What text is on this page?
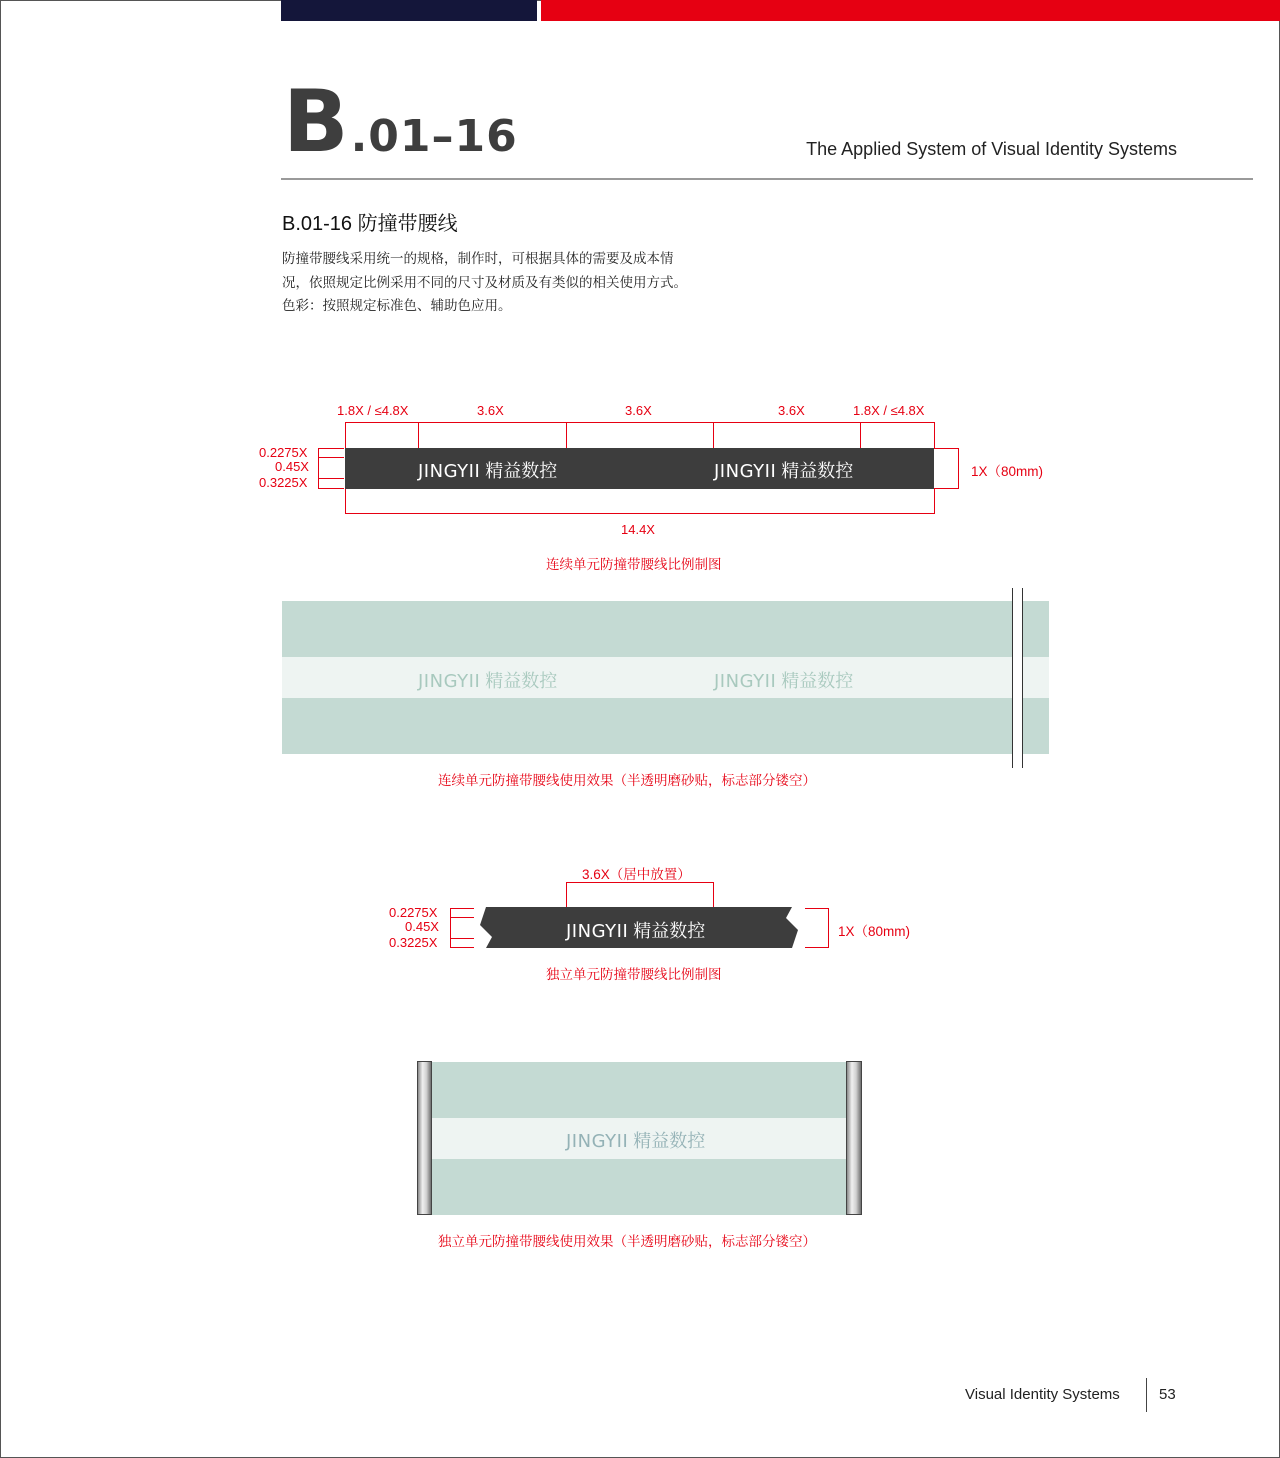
B.01–16	The Applied System of Visual Identity Systems
B.01-16 防撞带腰线
防撞带腰线采用统一的规格，制作时，可根据具体的需要及成本情
况，依照规定比例采用不同的尺寸及材质及有类似的相关使用方式。
色彩：按照规定标准色、辅助色应用。
1.8X / ≤4.8X	3.6X	3.6X	3.6X	1.8X / ≤4.8X
14.4X
0.2275X
0.45X
0.3225X
JINGYII 精益数控	JINGYII 精益数控	1X（80mm)
连续单元防撞带腰线比例制图
JINGYII 精益数控	JINGYII 精益数控
连续单元防撞带腰线使用效果（半透明磨砂贴，标志部分镂空）
3.6X（居中放置）
0.2275X
0.45X
0.3225X
JINGYII 精益数控	1X（80mm)
独立单元防撞带腰线比例制图
JINGYII 精益数控
独立单元防撞带腰线使用效果（半透明磨砂贴，标志部分镂空）
Visual Identity Systems	53
